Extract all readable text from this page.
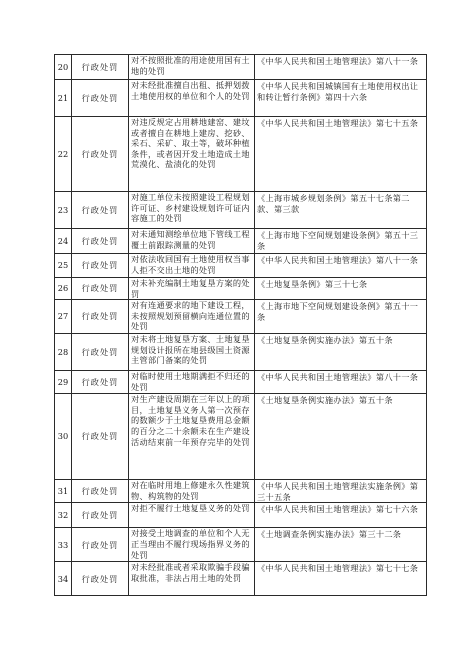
20	行政处罚	对不按照批准的用途使用国有土地的处罚	《中华人民共和国土地管理法》第八十一条
21	行政处罚	对未经批准擅自出租、抵押划拨土地使用权的单位和个人的处罚	《中华人民共和国城镇国有土地使用权出让和转让暂行条例》第四十六条
22	行政处罚	对违反规定占用耕地建窑、建坟或者擅自在耕地上建房、挖砂、采石、采矿、取土等，破坏种植条件，或者因开发土地造成土地荒漠化、盐渍化的处罚	《中华人民共和国土地管理法》第七十五条
23	行政处罚	对施工单位未按照建设工程规划许可证、乡村建设规划许可证内容施工的处罚	《上海市城乡规划条例》第五十七条第二款、第三款
24	行政处罚	对未通知测绘单位地下管线工程覆土前跟踪测量的处罚	《上海市地下空间规划建设条例》第五十三条
25	行政处罚	对依法收回国有土地使用权当事人拒不交出土地的处罚	《中华人民共和国土地管理法》第八十一条
26	行政处罚	对未补充编制土地复垦方案的处罚	《土地复垦条例》第三十七条
27	行政处罚	对有连通要求的地下建设工程，未按照规划预留横向连通位置的处罚	《上海市地下空间规划建设条例》第五十一条
28	行政处罚	对未将土地复垦方案、土地复垦规划设计报所在地县级国土资源主管部门备案的处罚	《土地复垦条例实施办法》第五十条
29	行政处罚	对临时使用土地期满拒不归还的处罚	《中华人民共和国土地管理法》第八十一条
30	行政处罚	对生产建设周期在三年以上的项目，土地复垦义务人第一次预存的数额少于土地复垦费用总金额的百分之二十余额未在生产建设活动结束前一年预存完毕的处罚	《土地复垦条例实施办法》第五十条
31	行政处罚	对在临时用地上修建永久性建筑物、构筑物的处罚	《中华人民共和国土地管理法实施条例》第三十五条
32	行政处罚	对拒不履行土地复垦义务的处罚	《中华人民共和国土地管理法》第七十六条
33	行政处罚	对接受土地调查的单位和个人无正当理由不履行现场指界义务的处罚	《土地调查条例实施办法》第三十二条
34	行政处罚	对未经批准或者采取欺骗手段骗取批准，非法占用土地的处罚	《中华人民共和国土地管理法》第七十七条
